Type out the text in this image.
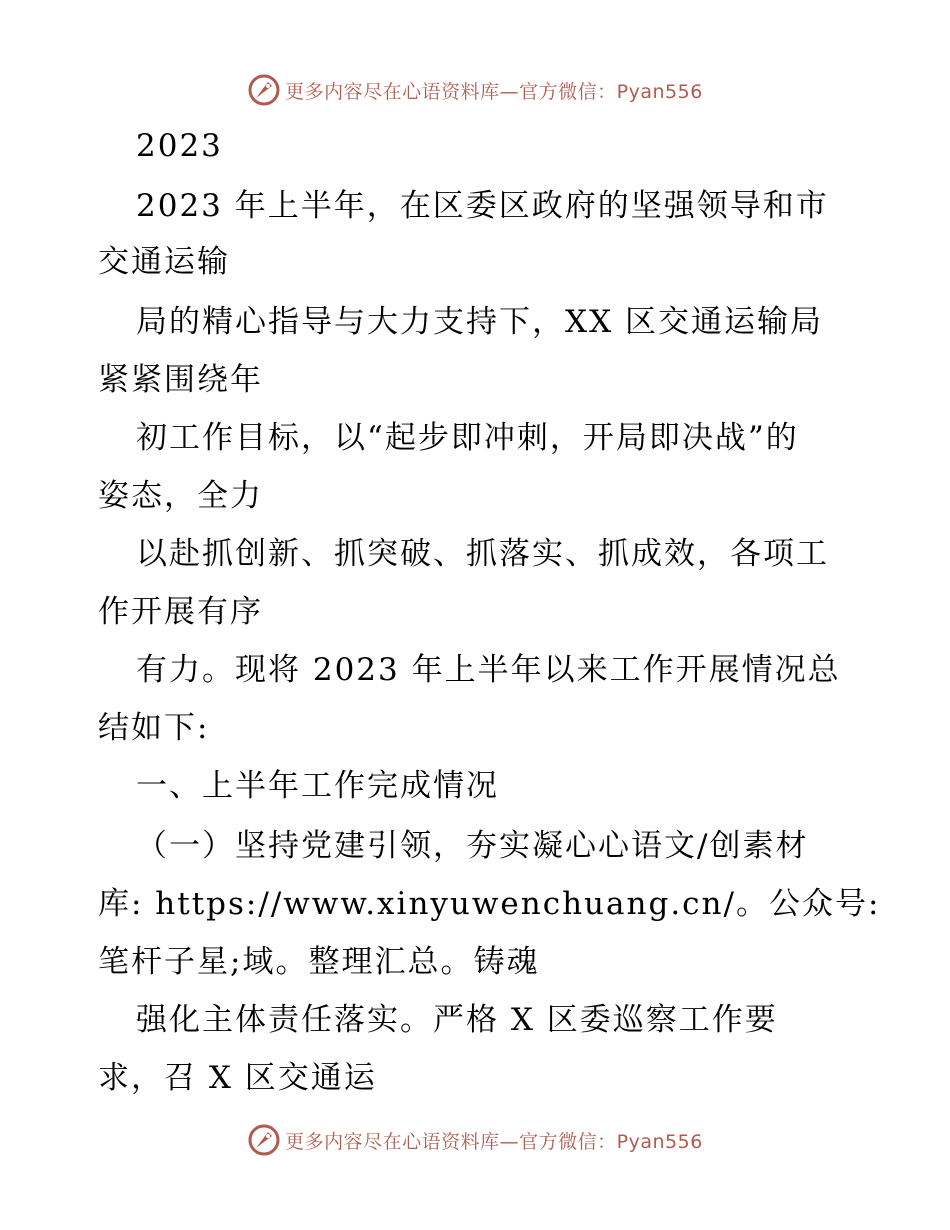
更多内容尽在心语资料库—官方微信：Pyan556
2023
2023 年上半年，在区委区政府的坚强领导和市
交通运输
局的精心指导与大力支持下，XX 区交通运输局
紧紧围绕年
初工作目标，以“起步即冲刺，开局即决战”的
姿态，全力
以赴抓创新、抓突破、抓落实、抓成效，各项工
作开展有序
有力。现将 2023 年上半年以来工作开展情况总
结如下:
一、上半年工作完成情况
（一）坚持党建引领，夯实凝心心语文/创素材
库: https://www.xinyuwenchuang.cn/。公众号:
笔杆子星;域。整理汇总。铸魂
强化主体责任落实。严格 X 区委巡察工作要
求，召 X 区交通运
更多内容尽在心语资料库—官方微信：Pyan556
